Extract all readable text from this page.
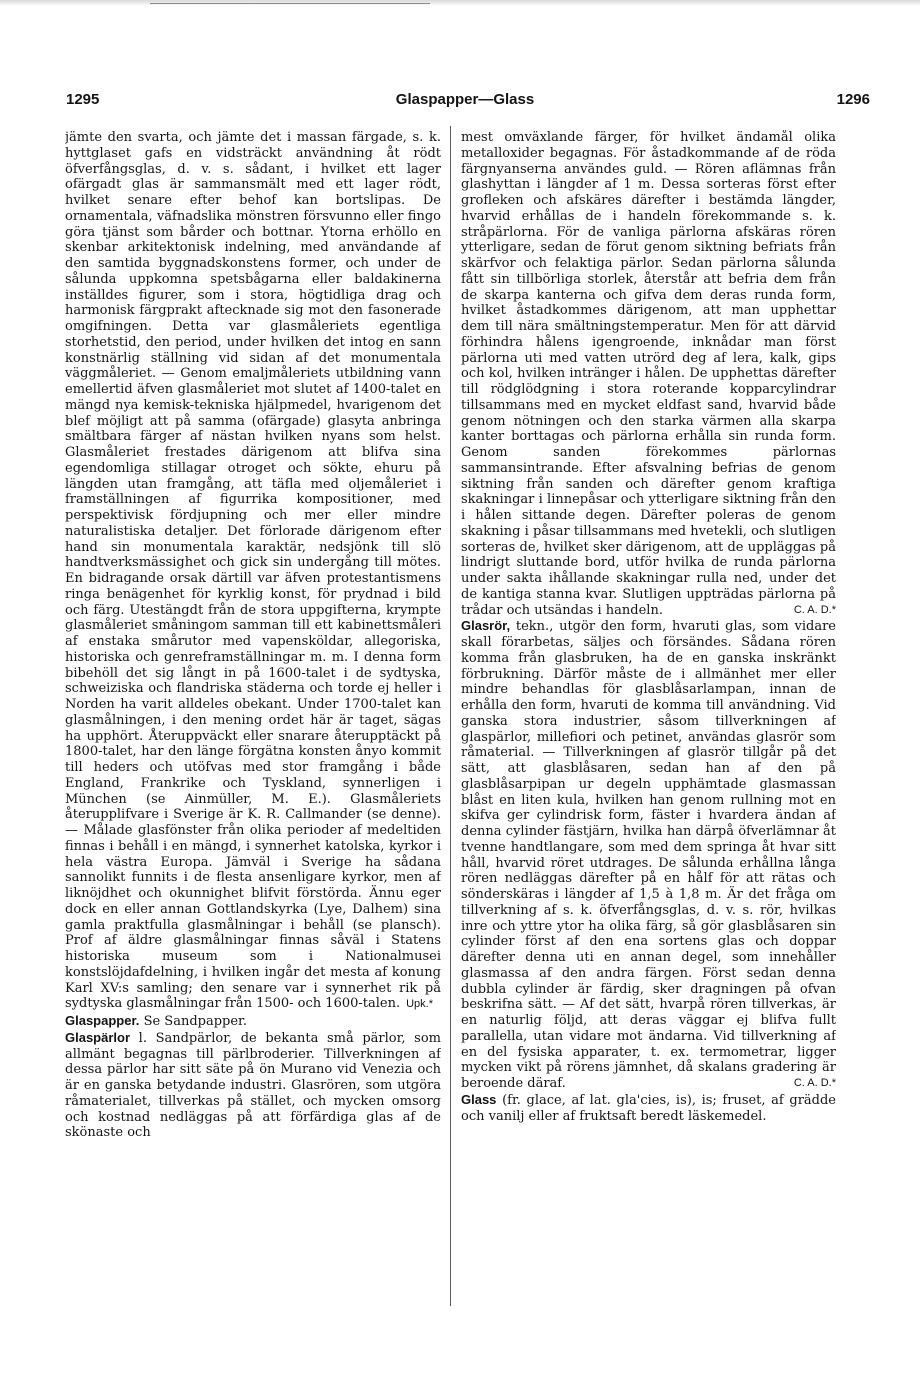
1295	Glaspapper—Glass	1296

jämte den svarta, och jämte det i massan färgade, s. k. hyttglaset gafs en vidsträckt användning åt rödt öfverfångsglas, d. v. s. sådant, i hvilket ett lager ofärgadt glas är sammansmält med ett lager rödt, hvilket senare efter behof kan bortslipas. De ornamentala, väfnadslika mönstren försvunno eller fingo göra tjänst som bårder och bottnar. Ytorna erhöllo en skenbar arkitektonisk indelning, med användande af den samtida byggnadskonstens former, och under de sålunda uppkomna spetsbågarna eller baldakinerna inställdes figurer, som i stora, högtidliga drag och harmonisk färgprakt aftecknade sig mot den fasonerade omgifningen. Detta var glasmåleriets egentliga storhetstid, den period, under hvilken det intog en sann konstnärlig ställning vid sidan af det monumentala väggmåleriet. — Genom emaljmåleriets utbildning vann emellertid äfven glasmåleriet mot slutet af 1400-talet en mängd nya kemisk-tekniska hjälpmedel, hvarigenom det blef möjligt att på samma (ofärgade) glasyta anbringa smältbara färger af nästan hvilken nyans som helst. Glasmåleriet frestades därigenom att blifva sina egendomliga stillagar otroget och sökte, ehuru på längden utan framgång, att täfla med oljemåleriet i framställningen af figurrika kompositioner, med perspektivisk fördjupning och mer eller mindre naturalistiska detaljer. Det förlorade därigenom efter hand sin monumentala karaktär, nedsjönk till slö handtverksmässighet och gick sin undergång till mötes. En bidragande orsak därtill var äfven protestantismens ringa benägenhet för kyrklig konst, för prydnad i bild och färg. Utestängdt från de stora uppgifterna, krympte glasmåleriet småningom samman till ett kabinettsmåleri af enstaka smårutor med vapensköldar, allegoriska, historiska och genreframställningar m. m. I denna form bibehöll det sig långt in på 1600-talet i de sydtyska, schweiziska och flandriska städerna och torde ej heller i Norden ha varit alldeles obekant. Under 1700-talet kan glasmålningen, i den mening ordet här är taget, sägas ha upphört. Återuppväckt eller snarare återupptäckt på 1800-talet, har den länge förgätna konsten ånyo kommit till heders och utöfvas med stor framgång i både England, Frankrike och Tyskland, synnerligen i München (se Ainmüller, M. E.). Glasmåleriets återupplifvare i Sverige är K. R. Callmander (se denne). — Målade glasfönster från olika perioder af medeltiden finnas i behåll i en mängd, i synnerhet katolska, kyrkor i hela västra Europa. Jämväl i Sverige ha sådana sannolikt funnits i de flesta ansenligare kyrkor, men af liknöjdhet och okunnighet blifvit förstörda. Ännu eger dock en eller annan Gottlandskyrka (Lye, Dalhem) sina gamla praktfulla glasmålningar i behåll (se plansch). Prof af äldre glasmålningar finnas såväl i Statens historiska museum som i Nationalmusei konstslöjdafdelning, i hvilken ingår det mesta af konung Karl XV:s samling; den senare var i synnerhet rik på sydtyska glasmålningar från 1500- och 1600-talen. Upk.*

Glaspapper. Se Sandpapper.

Glaspärlor l. Sandpärlor, de bekanta små pärlor, som allmänt begagnas till pärlbroderier. Tillverkningen af dessa pärlor har sitt säte på ön Murano vid Venezia och är en ganska betydande industri. Glasrören, som utgöra råmaterialet, tillverkas på stället, och mycken omsorg och kostnad nedläggas på att förfärdiga glas af de skönaste och

mest omväxlande färger, för hvilket ändamål olika metalloxider begagnas. För åstadkommande af de röda färgnyanserna användes guld. — Rören aflämnas från glashyttan i längder af 1 m. Dessa sorteras först efter grofleken och afskäres därefter i bestämda längder, hvarvid erhållas de i handeln förekommande s. k. stråpärlorna. För de vanliga pärlorna afskäras rören ytterligare, sedan de förut genom siktning befriats från skärfvor och felaktiga pärlor. Sedan pärlorna sålunda fått sin tillbörliga storlek, återstår att befria dem från de skarpa kanterna och gifva dem deras runda form, hvilket åstadkommes därigenom, att man upphettar dem till nära smältningstemperatur. Men för att därvid förhindra hålens igengroende, inknådar man först pärlorna uti med vatten utrörd deg af lera, kalk, gips och kol, hvilken intränger i hålen. De upphettas därefter till rödglödgning i stora roterande kopparcylindrar tillsammans med en mycket eldfast sand, hvarvid både genom nötningen och den starka värmen alla skarpa kanter borttagas och pärlorna erhålla sin runda form. Genom sanden förekommes pärlornas sammansintrande. Efter afsvalning befrias de genom siktning från sanden och därefter genom kraftiga skakningar i linnepåsar och ytterligare siktning från den i hålen sittande degen. Därefter poleras de genom skakning i påsar tillsammans med hvetekli, och slutligen sorteras de, hvilket sker därigenom, att de uppläggas på lindrigt sluttande bord, utför hvilka de runda pärlorna under sakta ihållande skakningar rulla ned, under det de kantiga stanna kvar. Slutligen uppträdas pärlorna på trådar och utsändas i handeln.	C. A. D.*

Glasrör, tekn., utgör den form, hvaruti glas, som vidare skall förarbetas, säljes och försändes. Sådana rören komma från glasbruken, ha de en ganska inskränkt förbrukning. Därför måste de i allmänhet mer eller mindre behandlas för glasblåsarlampan, innan de erhålla den form, hvaruti de komma till användning. Vid ganska stora industrier, såsom tillverkningen af glaspärlor, millefiori och petinet, användas glasrör som råmaterial. — Tillverkningen af glasrör tillgår på det sätt, att glasblåsaren, sedan han af den på glasblåsarpipan ur degeln upphämtade glasmassan blåst en liten kula, hvilken han genom rullning mot en skifva ger cylindrisk form, fäster i hvardera ändan af denna cylinder fästjärn, hvilka han därpå öfverlämnar åt tvenne handtlangare, som med dem springa åt hvar sitt håll, hvarvid röret utdrages. De sålunda erhållna långa rören nedläggas därefter på en hålf för att rätas och sönderskäras i längder af 1,5 à 1,8 m. Är det fråga om tillverkning af s. k. öfverfångsglas, d. v. s. rör, hvilkas inre och yttre ytor ha olika färg, så gör glasblåsaren sin cylinder först af den ena sortens glas och doppar därefter denna uti en annan degel, som innehåller glasmassa af den andra färgen. Först sedan denna dubbla cylinder är färdig, sker dragningen på ofvan beskrifna sätt. — Af det sätt, hvarpå rören tillverkas, är en naturlig följd, att deras väggar ej blifva fullt parallella, utan vidare mot ändarna. Vid tillverkning af en del fysiska apparater, t. ex. termometrar, ligger mycken vikt på rörens jämnhet, då skalans gradering är beroende däraf.	C. A. D.*

Glass (fr. glace, af lat. gla'cies, is), is; fruset, af grädde och vanilj eller af fruktsaft beredt läskemedel.
